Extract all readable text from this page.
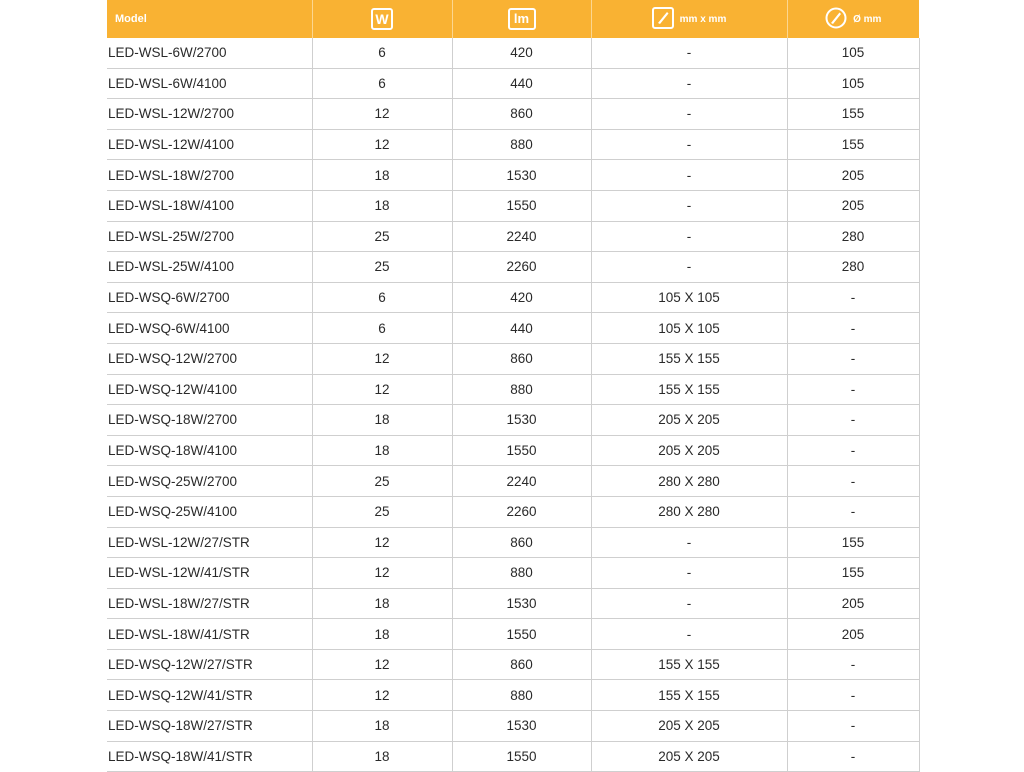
Model	W	lm	mm x mm	Ø mm
LED-WSL-6W/2700	6	420	-	105
LED-WSL-6W/4100	6	440	-	105
LED-WSL-12W/2700	12	860	-	155
LED-WSL-12W/4100	12	880	-	155
LED-WSL-18W/2700	18	1530	-	205
LED-WSL-18W/4100	18	1550	-	205
LED-WSL-25W/2700	25	2240	-	280
LED-WSL-25W/4100	25	2260	-	280
LED-WSQ-6W/2700	6	420	105 X 105	-
LED-WSQ-6W/4100	6	440	105 X 105	-
LED-WSQ-12W/2700	12	860	155 X 155	-
LED-WSQ-12W/4100	12	880	155 X 155	-
LED-WSQ-18W/2700	18	1530	205 X 205	-
LED-WSQ-18W/4100	18	1550	205 X 205	-
LED-WSQ-25W/2700	25	2240	280 X 280	-
LED-WSQ-25W/4100	25	2260	280 X 280	-
LED-WSL-12W/27/STR	12	860	-	155
LED-WSL-12W/41/STR	12	880	-	155
LED-WSL-18W/27/STR	18	1530	-	205
LED-WSL-18W/41/STR	18	1550	-	205
LED-WSQ-12W/27/STR	12	860	155 X 155	-
LED-WSQ-12W/41/STR	12	880	155 X 155	-
LED-WSQ-18W/27/STR	18	1530	205 X 205	-
LED-WSQ-18W/41/STR	18	1550	205 X 205	-
